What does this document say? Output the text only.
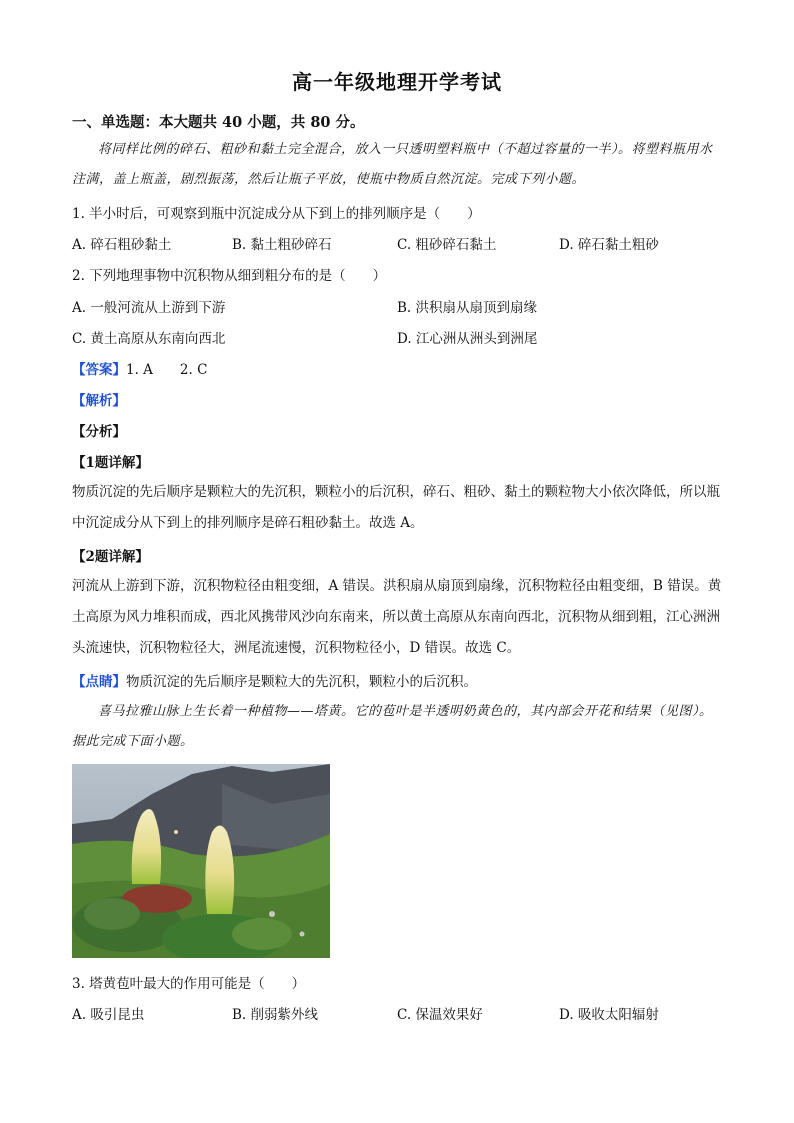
高一年级地理开学考试
一、单选题：本大题共 40 小题，共 80 分。
将同样比例的碎石、粗砂和黏土完全混合，放入一只透明塑料瓶中（不超过容量的一半）。将塑料瓶用水注满，盖上瓶盖，剧烈振荡，然后让瓶子平放，使瓶中物质自然沉淀。完成下列小题。
1. 半小时后，可观察到瓶中沉淀成分从下到上的排列顺序是（　　）
A. 碎石粗砂黏土	B. 黏土粗砂碎石	C. 粗砂碎石黏土	D. 碎石黏土粗砂
2. 下列地理事物中沉积物从细到粗分布的是（　　）
A. 一般河流从上游到下游	B. 洪积扇从扇顶到扇缘
C. 黄土高原从东南向西北	D. 江心洲从洲头到洲尾
【答案】1. A　　2. C
【解析】
【分析】
【1题详解】
物质沉淀的先后顺序是颗粒大的先沉积，颗粒小的后沉积，碎石、粗砂、黏土的颗粒物大小依次降低，所以瓶中沉淀成分从下到上的排列顺序是碎石粗砂黏土。故选 A。
【2题详解】
河流从上游到下游，沉积物粒径由粗变细，A 错误。洪积扇从扇顶到扇缘，沉积物粒径由粗变细，B 错误。黄土高原为风力堆积而成，西北风携带风沙向东南来，所以黄土高原从东南向西北，沉积物从细到粗，江心洲洲头流速快，沉积物粒径大，洲尾流速慢，沉积物粒径小，D 错误。故选 C。
【点睛】物质沉淀的先后顺序是颗粒大的先沉积，颗粒小的后沉积。
喜马拉雅山脉上生长着一种植物——塔黄。它的苞叶是半透明奶黄色的，其内部会开花和结果（见图）。据此完成下面小题。
3. 塔黄苞叶最大的作用可能是（　　）
A. 吸引昆虫	B. 削弱紫外线	C. 保温效果好	D. 吸收太阳辐射
